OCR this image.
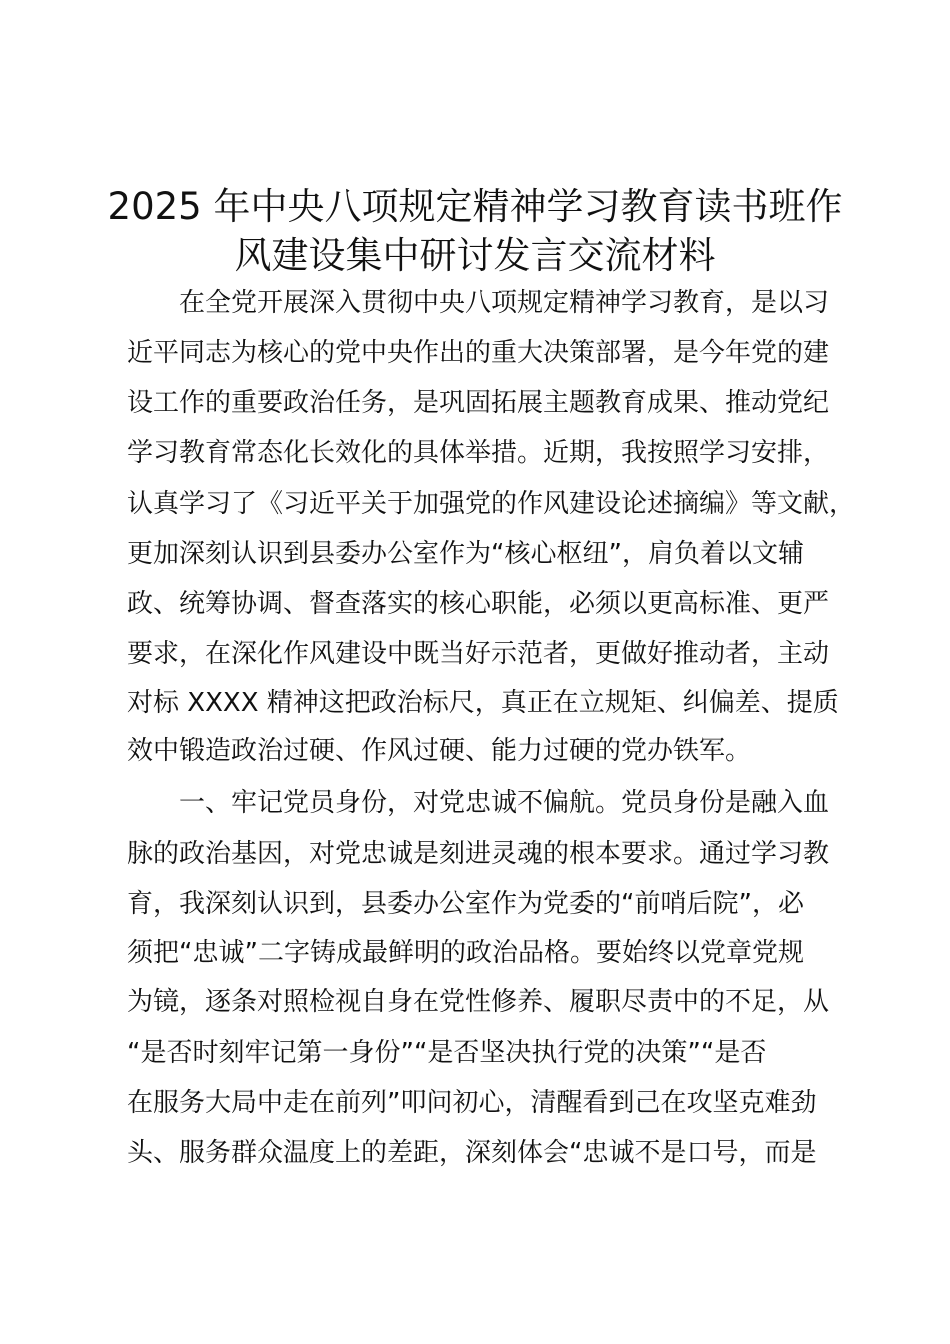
2025 年中央八项规定精神学习教育读书班作
风建设集中研讨发言交流材料
在全党开展深入贯彻中央八项规定精神学习教育，是以习
近平同志为核心的党中央作出的重大决策部署，是今年党的建
设工作的重要政治任务，是巩固拓展主题教育成果、推动党纪
学习教育常态化长效化的具体举措。近期，我按照学习安排，
认真学习了《习近平关于加强党的作风建设论述摘编》等文献，
更加深刻认识到县委办公室作为“核心枢纽”，肩负着以文辅
政、统筹协调、督查落实的核心职能，必须以更高标准、更严
要求，在深化作风建设中既当好示范者，更做好推动者，主动
对标 XXXX 精神这把政治标尺，真正在立规矩、纠偏差、提质
效中锻造政治过硬、作风过硬、能力过硬的党办铁军。
一、牢记党员身份，对党忠诚不偏航。党员身份是融入血
脉的政治基因，对党忠诚是刻进灵魂的根本要求。通过学习教
育，我深刻认识到，县委办公室作为党委的“前哨后院”，必
须把“忠诚”二字铸成最鲜明的政治品格。要始终以党章党规
为镜，逐条对照检视自身在党性修养、履职尽责中的不足，从
“是否时刻牢记第一身份”“是否坚决执行党的决策”“是否
在服务大局中走在前列”叩问初心，清醒看到己在攻坚克难劲
头、服务群众温度上的差距，深刻体会“忠诚不是口号，而是
